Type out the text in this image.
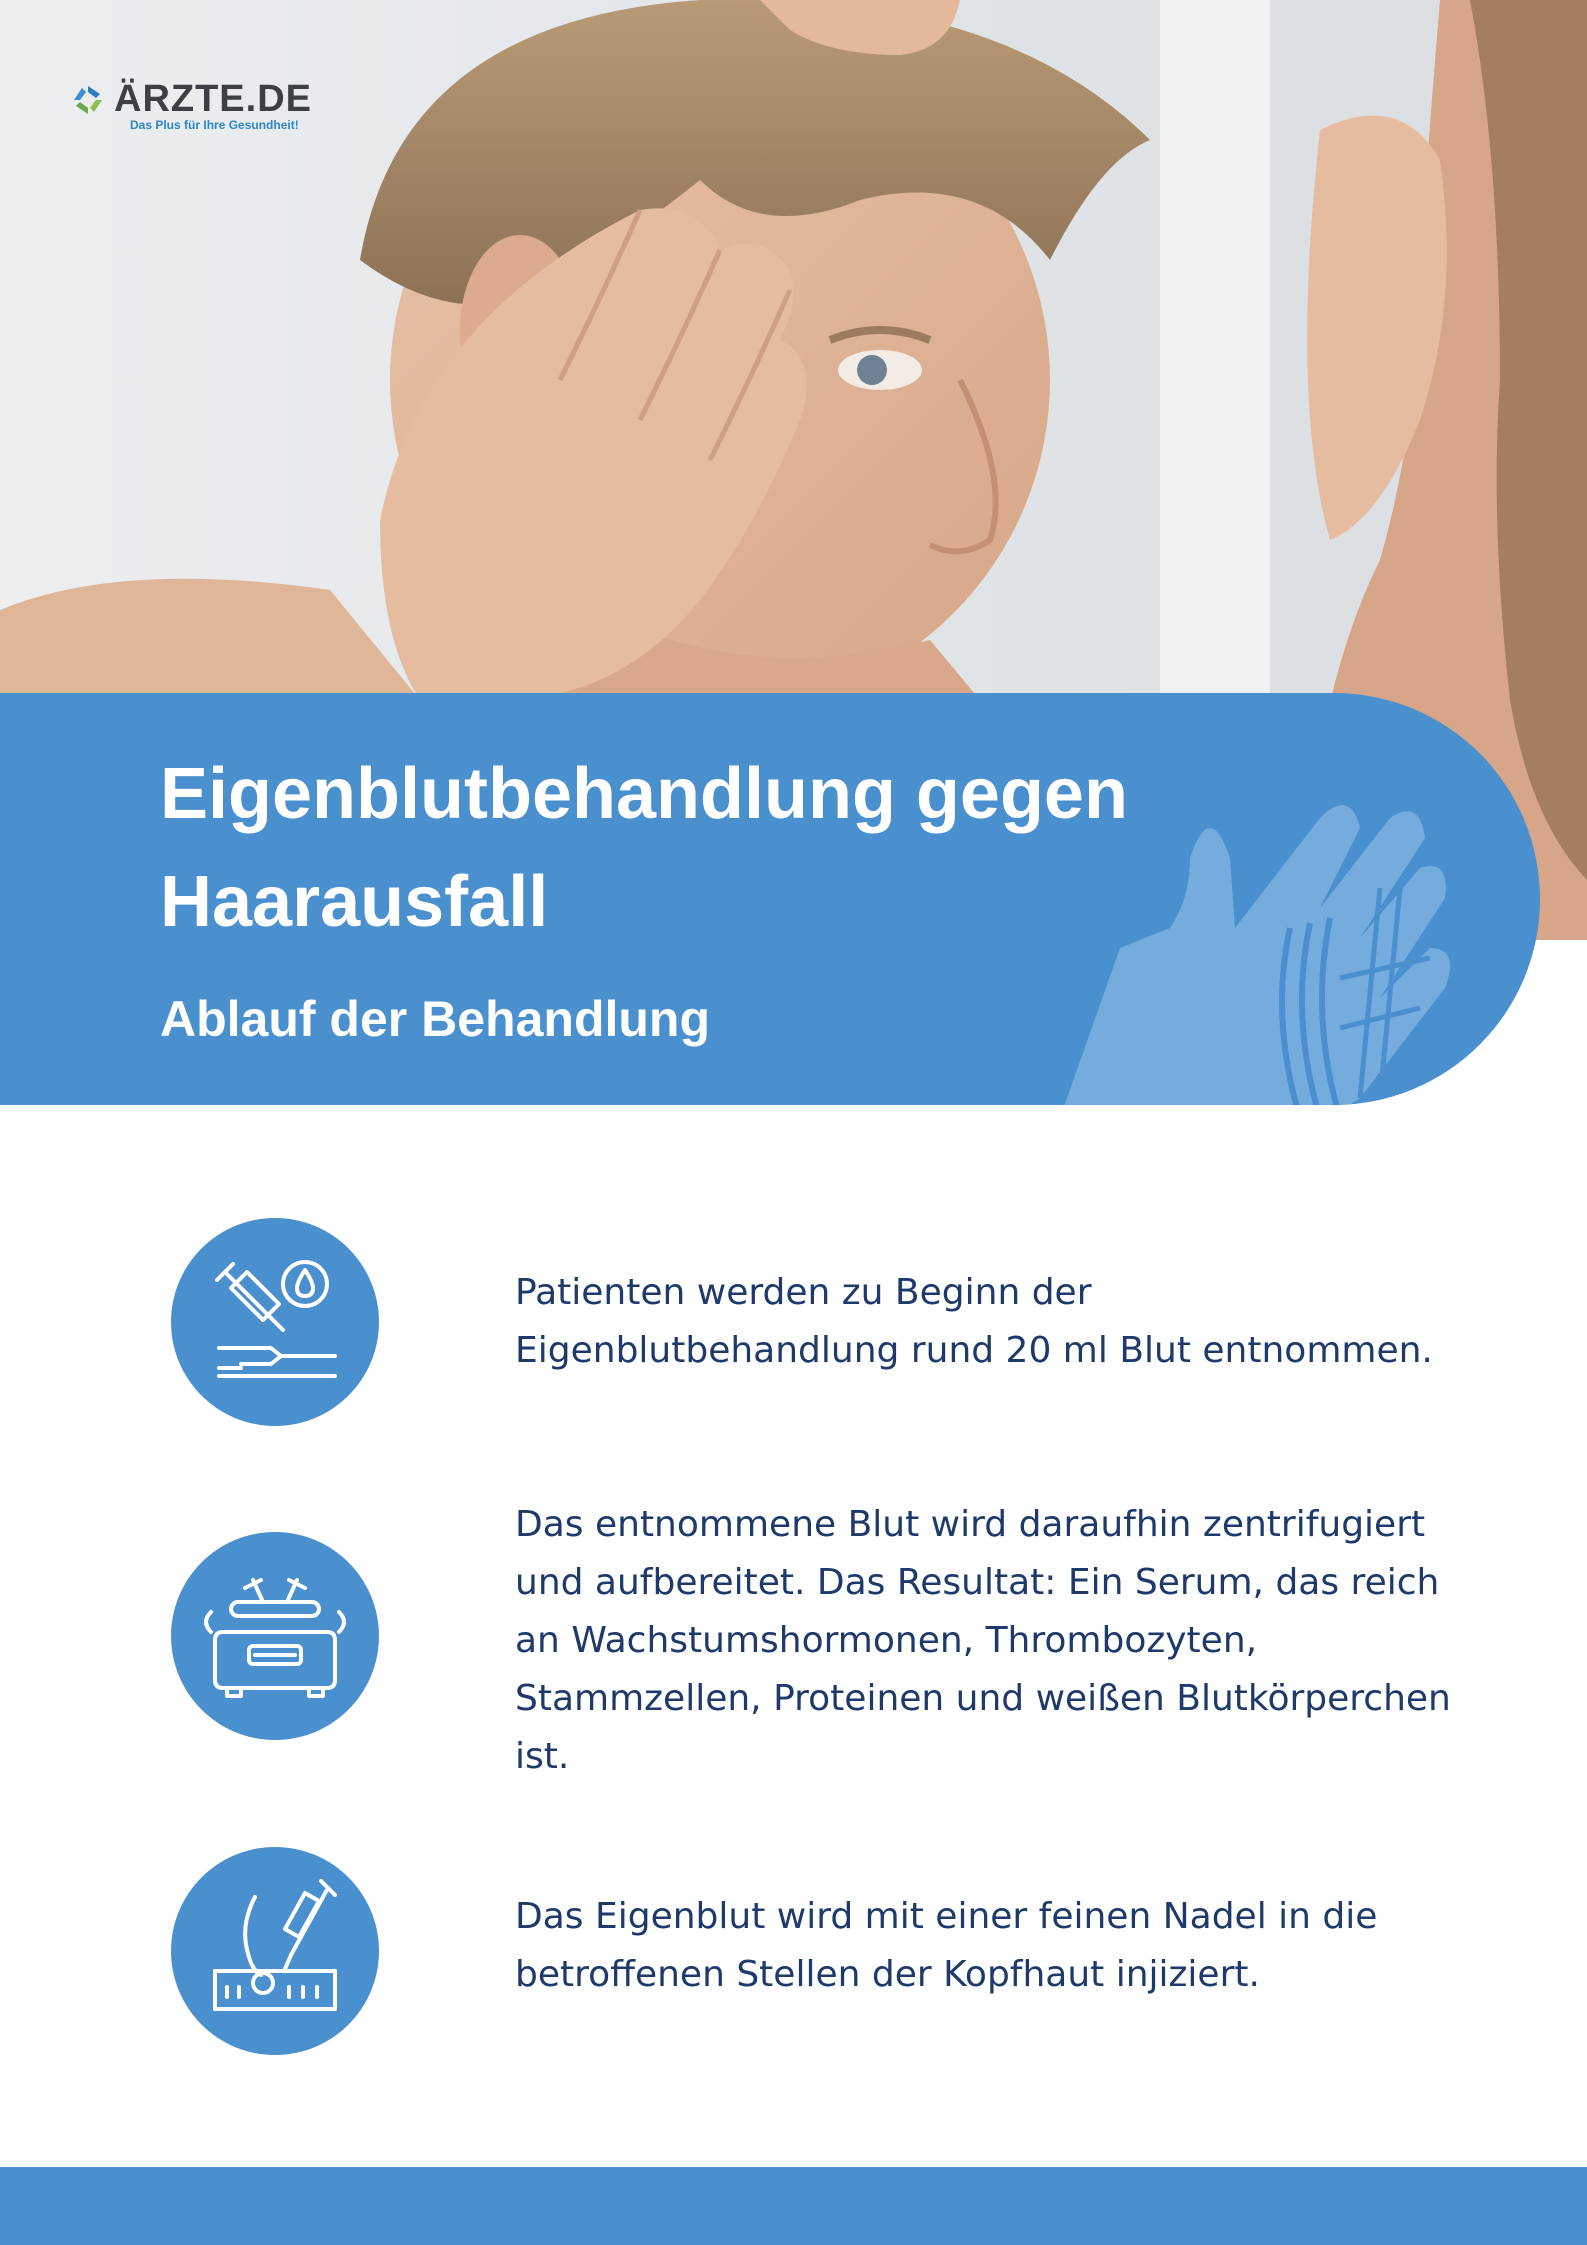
ÄRZTE.DE
Das Plus für Ihre Gesundheit!
Eigenblutbehandlung gegen Haarausfall
Ablauf der Behandlung

Patienten werden zu Beginn der Eigenblutbehandlung rund 20 ml Blut entnommen.

Das entnommene Blut wird daraufhin zentrifugiert und aufbereitet. Das Resultat: Ein Serum, das reich an Wachstumshormonen, Thrombozyten, Stammzellen, Proteinen und weißen Blutkörperchen ist.

Das Eigenblut wird mit einer feinen Nadel in die betroffenen Stellen der Kopfhaut injiziert.
